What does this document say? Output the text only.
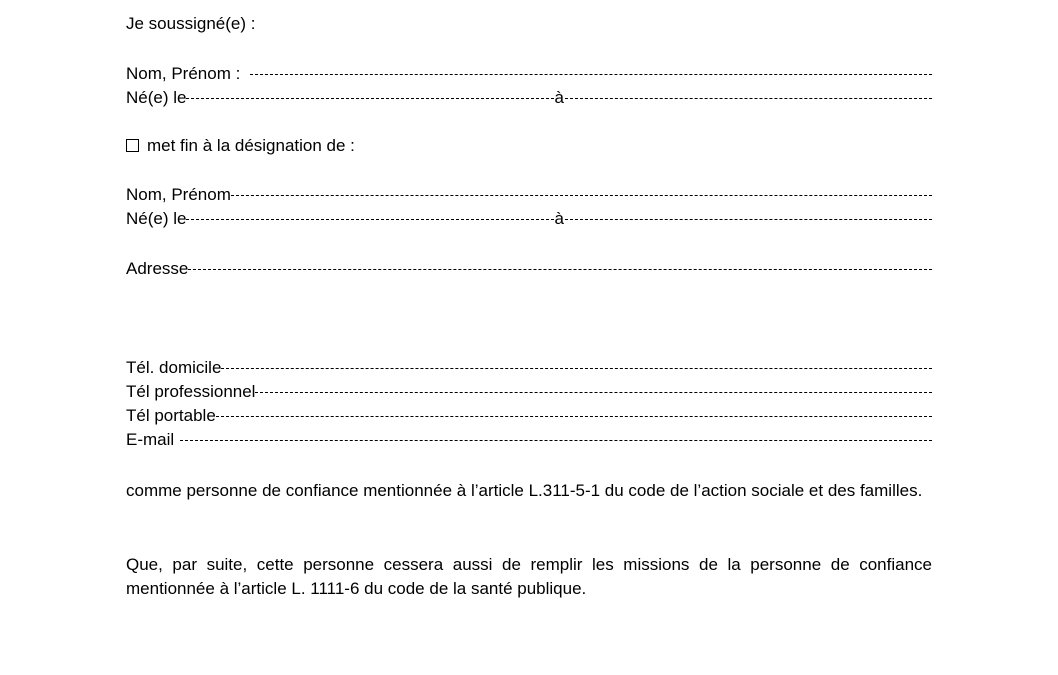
Je soussigné(e) :
Nom, Prénom :
Né(e) le	à
met fin à la désignation de :
Nom, Prénom
Né(e) le	à
Adresse
Tél. domicile
Tél professionnel
Tél portable
E-mail
comme personne de confiance mentionnée à l’article L.311-5-1 du code de l’action sociale et des familles.
Que, par suite, cette personne cessera aussi de remplir les missions de la personne de confiance mentionnée à l’article L. 1111-6 du code de la santé publique.
